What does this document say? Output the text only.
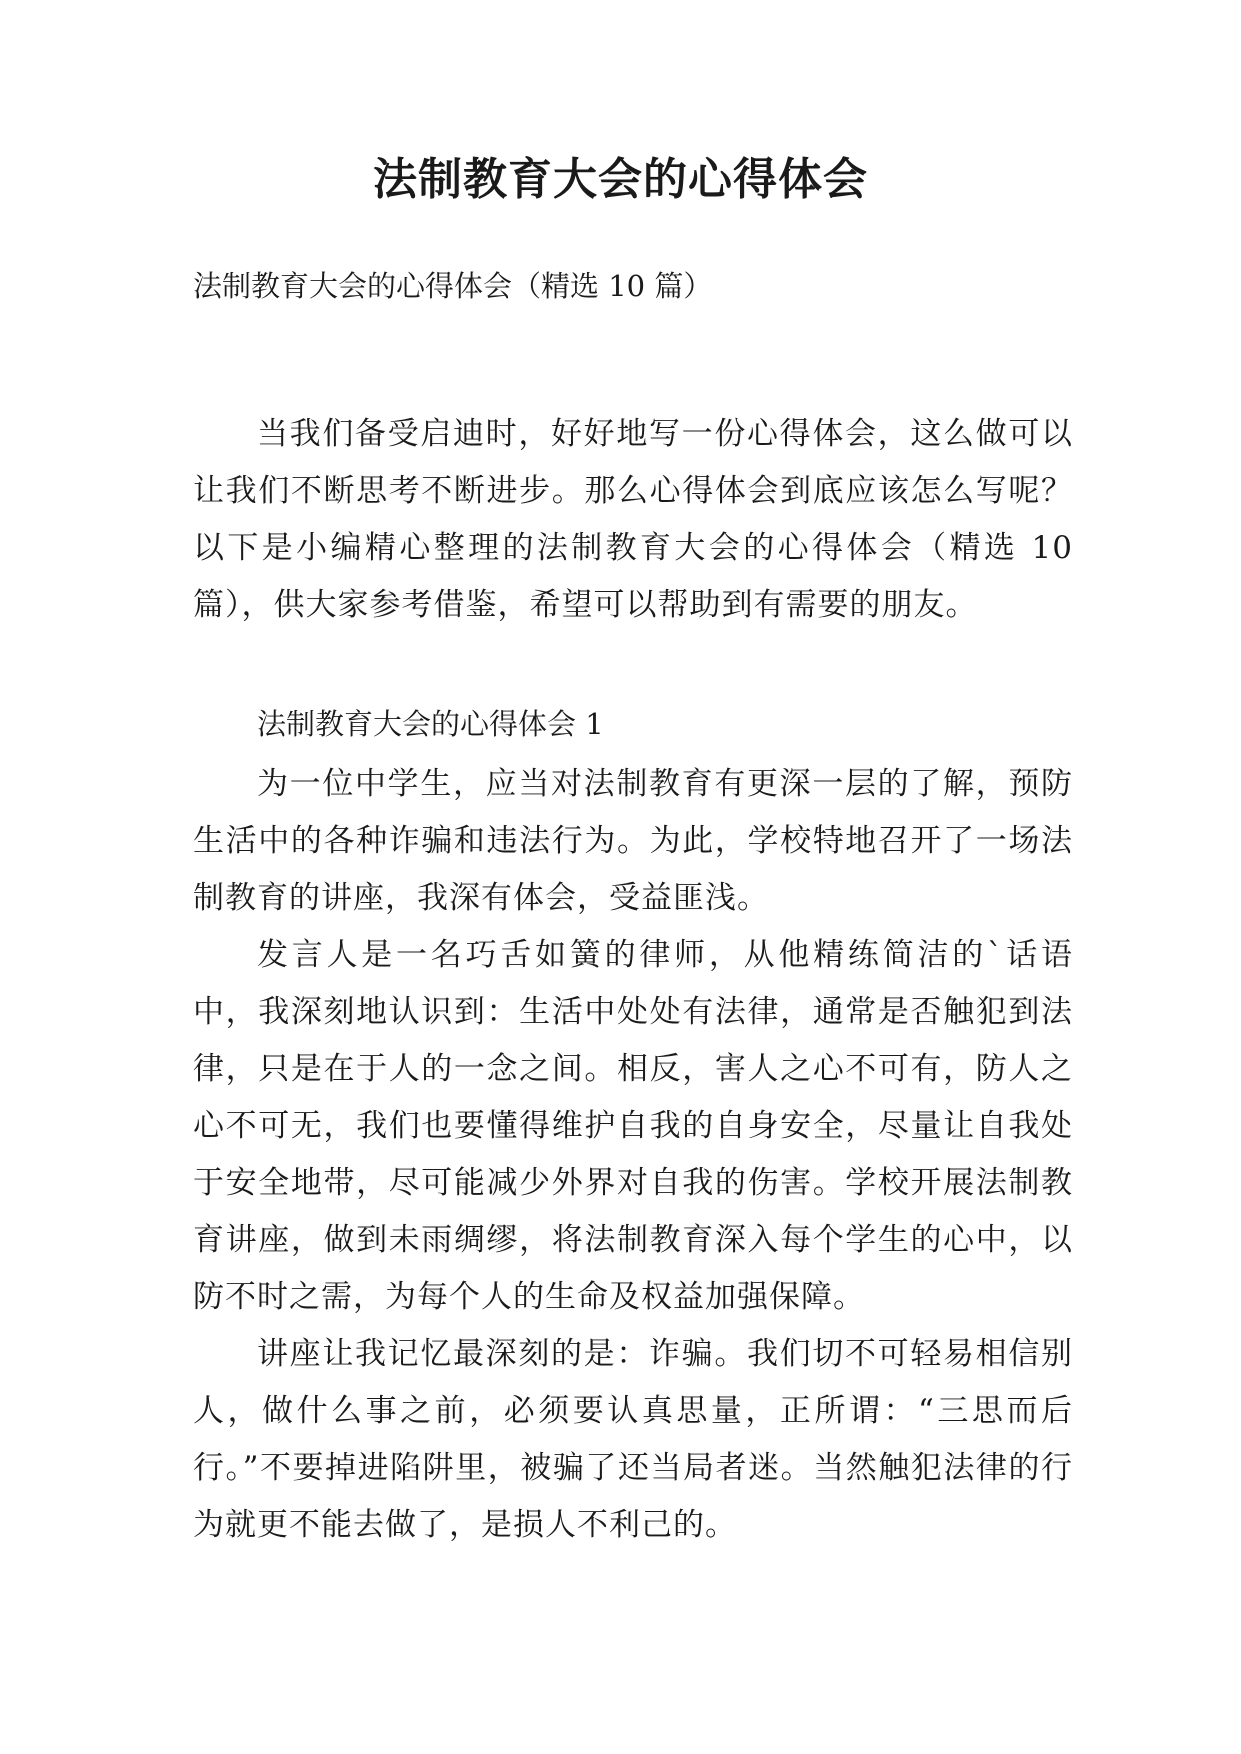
法制教育大会的心得体会

法制教育大会的心得体会（精选 10 篇）

当我们备受启迪时，好好地写一份心得体会，这么做可以让我们不断思考不断进步。那么心得体会到底应该怎么写呢？以下是小编精心整理的法制教育大会的心得体会（精选 10 篇），供大家参考借鉴，希望可以帮助到有需要的朋友。

法制教育大会的心得体会 1

为一位中学生，应当对法制教育有更深一层的了解，预防生活中的各种诈骗和违法行为。为此，学校特地召开了一场法制教育的讲座，我深有体会，受益匪浅。

发言人是一名巧舌如簧的律师，从他精练简洁的`话语中，我深刻地认识到：生活中处处有法律，通常是否触犯到法律，只是在于人的一念之间。相反，害人之心不可有，防人之心不可无，我们也要懂得维护自我的自身安全，尽量让自我处于安全地带，尽可能减少外界对自我的伤害。学校开展法制教育讲座，做到未雨绸缪，将法制教育深入每个学生的心中，以防不时之需，为每个人的生命及权益加强保障。

讲座让我记忆最深刻的是：诈骗。我们切不可轻易相信别人，做什么事之前，必须要认真思量，正所谓：“三思而后行。”不要掉进陷阱里，被骗了还当局者迷。当然触犯法律的行为就更不能去做了，是损人不利己的。
